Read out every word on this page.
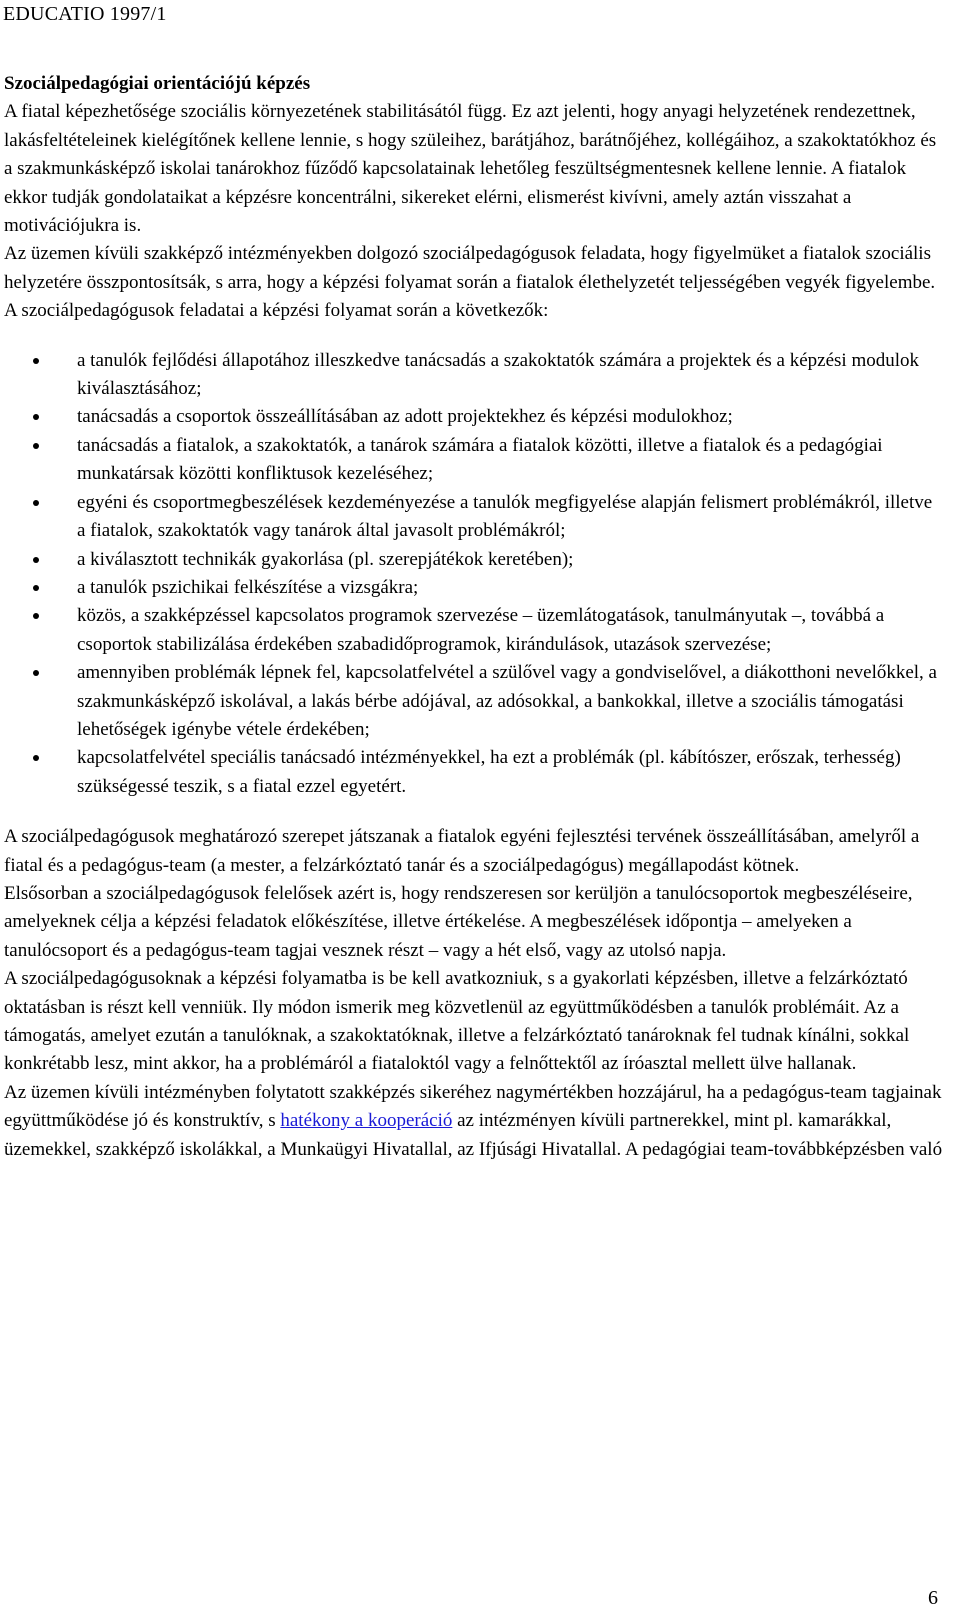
EDUCATIO 1997/1

Szociálpedagógiai orientációjú képzés

A fiatal képezhetősége szociális környezetének stabilitásától függ. Ez azt jelenti, hogy anyagi helyzetének rendezettnek, lakásfeltételeinek kielégítőnek kellene lennie, s hogy szüleihez, barátjához, barátnőjéhez, kollégáihoz, a szakoktatókhoz és a szakmunkásképző iskolai tanárokhoz fűződő kapcsolatainak lehetőleg feszültségmentesnek kellene lennie. A fiatalok ekkor tudják gondolataikat a képzésre koncentrálni, sikereket elérni, elismerést kivívni, amely aztán visszahat a motivációjukra is.

Az üzemen kívüli szakképző intézményekben dolgozó szociálpedagógusok feladata, hogy figyelmüket a fiatalok szociális helyzetére összpontosítsák, s arra, hogy a képzési folyamat során a fiatalok élethelyzetét teljességében vegyék figyelembe.

A szociálpedagógusok feladatai a képzési folyamat során a következők:

a tanulók fejlődési állapotához illeszkedve tanácsadás a szakoktatók számára a projektek és a képzési modulok kiválasztásához;
tanácsadás a csoportok összeállításában az adott projektekhez és képzési modulokhoz;
tanácsadás a fiatalok, a szakoktatók, a tanárok számára a fiatalok közötti, illetve a fiatalok és a pedagógiai munkatársak közötti konfliktusok kezeléséhez;
egyéni és csoportmegbeszélések kezdeményezése a tanulók megfigyelése alapján felismert problémákról, illetve a fiatalok, szakoktatók vagy tanárok által javasolt problémákról;
a kiválasztott technikák gyakorlása (pl. szerepjátékok keretében);
a tanulók pszichikai felkészítése a vizsgákra;
közös, a szakképzéssel kapcsolatos programok szervezése – üzemlátogatások, tanulmányutak –, továbbá a csoportok stabilizálása érdekében szabadidőprogramok, kirándulások, utazások szervezése;
amennyiben problémák lépnek fel, kapcsolatfelvétel a szülővel vagy a gondviselővel, a diákotthoni nevelőkkel, a szakmunkásképző iskolával, a lakás bérbe adójával, az adósokkal, a bankokkal, illetve a szociális támogatási lehetőségek igénybe vétele érdekében;
kapcsolatfelvétel speciális tanácsadó intézményekkel, ha ezt a problémák (pl. kábítószer, erőszak, terhesség) szükségessé teszik, s a fiatal ezzel egyetért.

A szociálpedagógusok meghatározó szerepet játszanak a fiatalok egyéni fejlesztési tervének összeállításában, amelyről a fiatal és a pedagógus-team (a mester, a felzárkóztató tanár és a szociálpedagógus) megállapodást kötnek.

Elsősorban a szociálpedagógusok felelősek azért is, hogy rendszeresen sor kerüljön a tanulócsoportok megbeszéléseire, amelyeknek célja a képzési feladatok előkészítése, illetve értékelése. A megbeszélések időpontja – amelyeken a tanulócsoport és a pedagógus-team tagjai vesznek részt – vagy a hét első, vagy az utolsó napja.

A szociálpedagógusoknak a képzési folyamatba is be kell avatkozniuk, s a gyakorlati képzésben, illetve a felzárkóztató oktatásban is részt kell venniük. Ily módon ismerik meg közvetlenül az együttműködésben a tanulók problémáit. Az a támogatás, amelyet ezután a tanulóknak, a szakoktatóknak, illetve a felzárkóztató tanároknak fel tudnak kínálni, sokkal konkrétabb lesz, mint akkor, ha a problémáról a fiataloktól vagy a felnőttektől az íróasztal mellett ülve hallanak.

Az üzemen kívüli intézményben folytatott szakképzés sikeréhez nagymértékben hozzájárul, ha a pedagógus-team tagjainak együttműködése jó és konstruktív, s hatékony a kooperáció az intézményen kívüli partnerekkel, mint pl. kamarákkal, üzemekkel, szakképző iskolákkal, a Munkaügyi Hivatallal, az Ifjúsági Hivatallal. A pedagógiai team-továbbképzésben való

6
